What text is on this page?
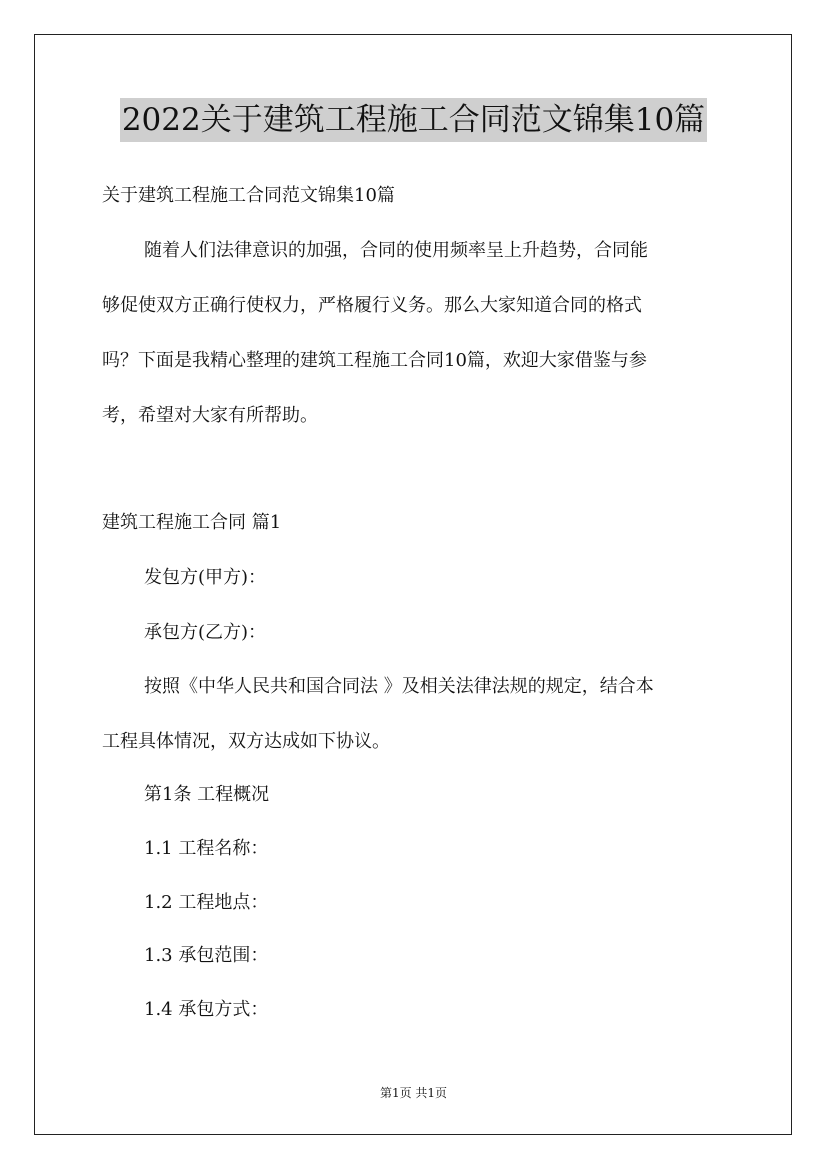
2022关于建筑工程施工合同范文锦集10篇
关于建筑工程施工合同范文锦集10篇
随着人们法律意识的加强，合同的使用频率呈上升趋势，合同能
够促使双方正确行使权力，严格履行义务。那么大家知道合同的格式
吗？下面是我精心整理的建筑工程施工合同10篇，欢迎大家借鉴与参
考，希望对大家有所帮助。
建筑工程施工合同 篇1
发包方(甲方)：
承包方(乙方)：
按照《中华人民共和国合同法 》及相关法律法规的规定，结合本
工程具体情况，双方达成如下协议。
第1条 工程概况
1.1 工程名称：
1.2 工程地点：
1.3 承包范围：
1.4 承包方式：
第1页 共1页
